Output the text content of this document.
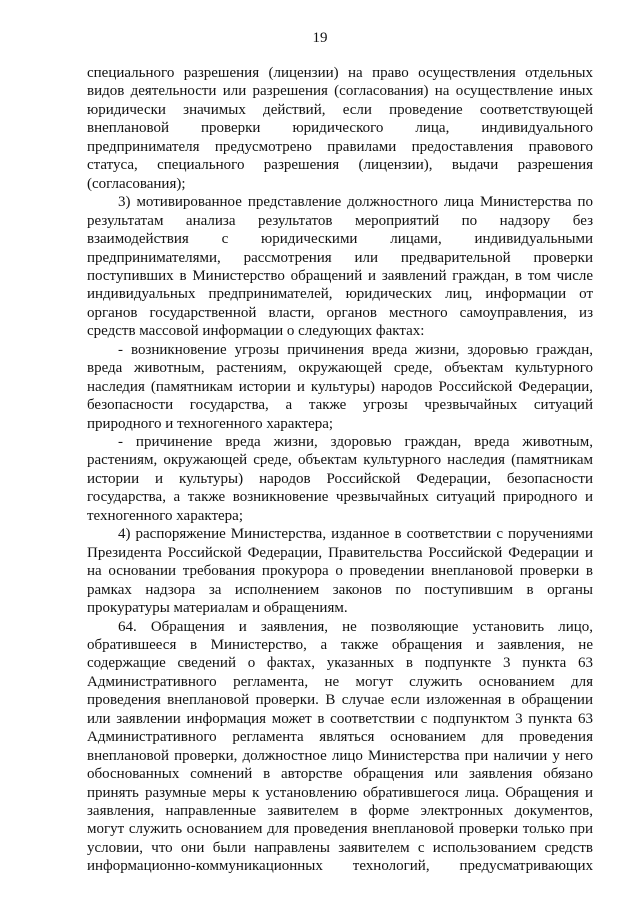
19
специального разрешения (лицензии) на право осуществления отдельных
видов деятельности или разрешения (согласования) на осуществление иных
юридически значимых действий, если проведение соответствующей
внеплановой проверки юридического лица, индивидуального
предпринимателя предусмотрено правилами предоставления правового
статуса, специального разрешения (лицензии), выдачи разрешения
(согласования);
3) мотивированное представление должностного лица Министерства по
результатам анализа результатов мероприятий по надзору без
взаимодействия с юридическими лицами, индивидуальными
предпринимателями, рассмотрения или предварительной проверки
поступивших в Министерство обращений и заявлений граждан, в том числе
индивидуальных предпринимателей, юридических лиц, информации от
органов государственной власти, органов местного самоуправления, из
средств массовой информации о следующих фактах:
- возникновение угрозы причинения вреда жизни, здоровью граждан,
вреда животным, растениям, окружающей среде, объектам культурного
наследия (памятникам истории и культуры) народов Российской Федерации,
безопасности государства, а также угрозы чрезвычайных ситуаций
природного и техногенного характера;
- причинение вреда жизни, здоровью граждан, вреда животным,
растениям, окружающей среде, объектам культурного наследия (памятникам
истории и культуры) народов Российской Федерации, безопасности
государства, а также возникновение чрезвычайных ситуаций природного и
техногенного характера;
4) распоряжение Министерства, изданное в соответствии с поручениями
Президента Российской Федерации, Правительства Российской Федерации и
на основании требования прокурора о проведении внеплановой проверки в
рамках надзора за исполнением законов по поступившим в органы
прокуратуры материалам и обращениям.
64. Обращения и заявления, не позволяющие установить лицо,
обратившееся в Министерство, а также обращения и заявления, не
содержащие сведений о фактах, указанных в подпункте 3 пункта 63
Административного регламента, не могут служить основанием для
проведения внеплановой проверки. В случае если изложенная в обращении
или заявлении информация может в соответствии с подпунктом 3 пункта 63
Административного регламента являться основанием для проведения
внеплановой проверки, должностное лицо Министерства при наличии у него
обоснованных сомнений в авторстве обращения или заявления обязано
принять разумные меры к установлению обратившегося лица. Обращения и
заявления, направленные заявителем в форме электронных документов,
могут служить основанием для проведения внеплановой проверки только при
условии, что они были направлены заявителем с использованием средств
информационно-коммуникационных технологий, предусматривающих
